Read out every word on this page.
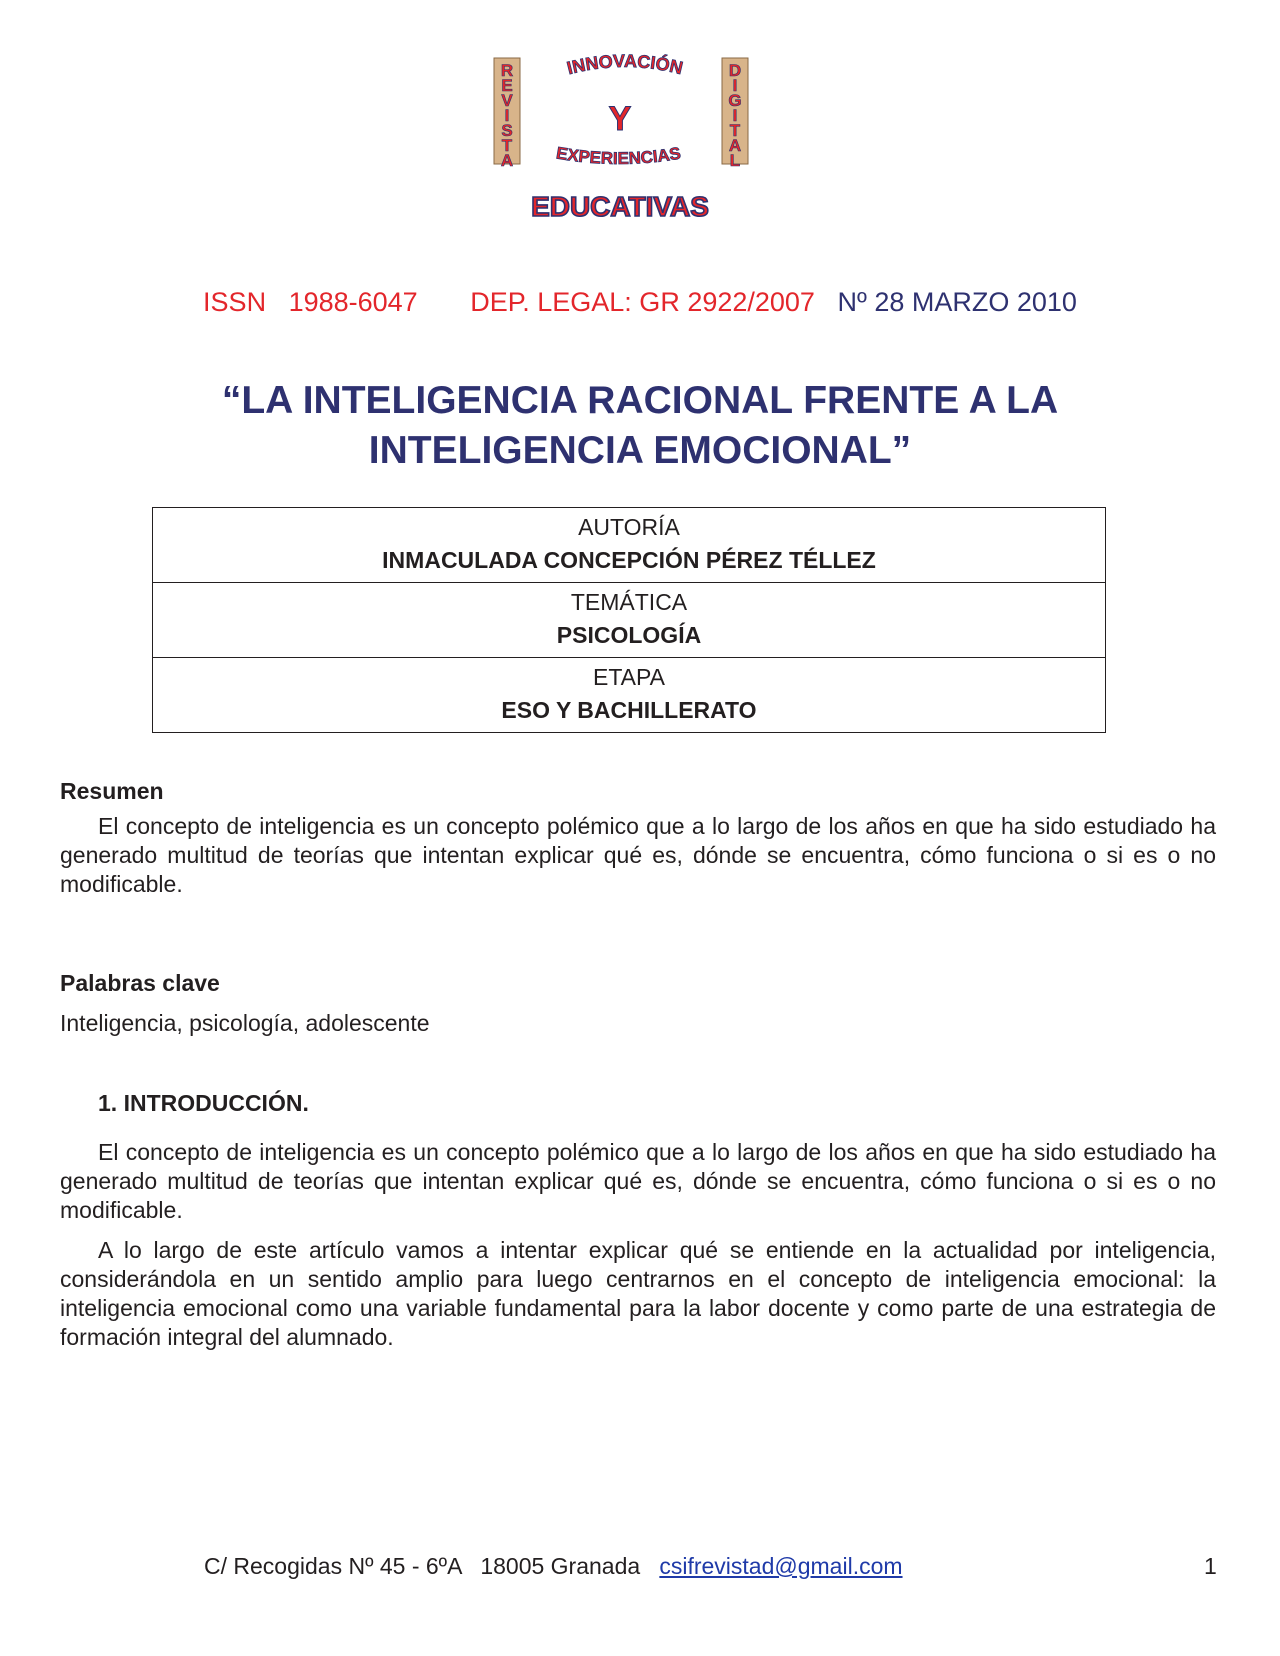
R E V I S T A
D I G I T A L
INNOVACIÓN
Y
EXPERIENCIAS
EDUCATIVAS
ISSN   1988-6047 DEP. LEGAL: GR 2922/2007 Nº 28 MARZO 2010
“LA INTELIGENCIA RACIONAL FRENTE A LA
INTELIGENCIA EMOCIONAL”
AUTORÍA
INMACULADA CONCEPCIÓN PÉREZ TÉLLEZ

TEMÁTICA
PSICOLOGÍA

ETAPA
ESO Y BACHILLERATO
Resumen

El concepto de inteligencia es un concepto polémico que a lo largo de los años en que ha sido estudiado ha generado multitud de teorías que intentan explicar qué es, dónde se encuentra, cómo funciona o si es o no modificable.

Palabras clave

Inteligencia, psicología, adolescente

1. INTRODUCCIÓN.

El concepto de inteligencia es un concepto polémico que a lo largo de los años en que ha sido estudiado ha generado multitud de teorías que intentan explicar qué es, dónde se encuentra, cómo funciona o si es o no modificable.

A lo largo de este artículo vamos a intentar explicar qué se entiende en la actualidad por inteligencia, considerándola en un sentido amplio para luego centrarnos en el concepto de inteligencia emocional: la inteligencia emocional como una variable fundamental para la labor docente y como parte de una estrategia de formación integral del alumnado.

C/ Recogidas Nº 45 - 6ºA   18005 Granada   csifrevistad@gmail.com	1
